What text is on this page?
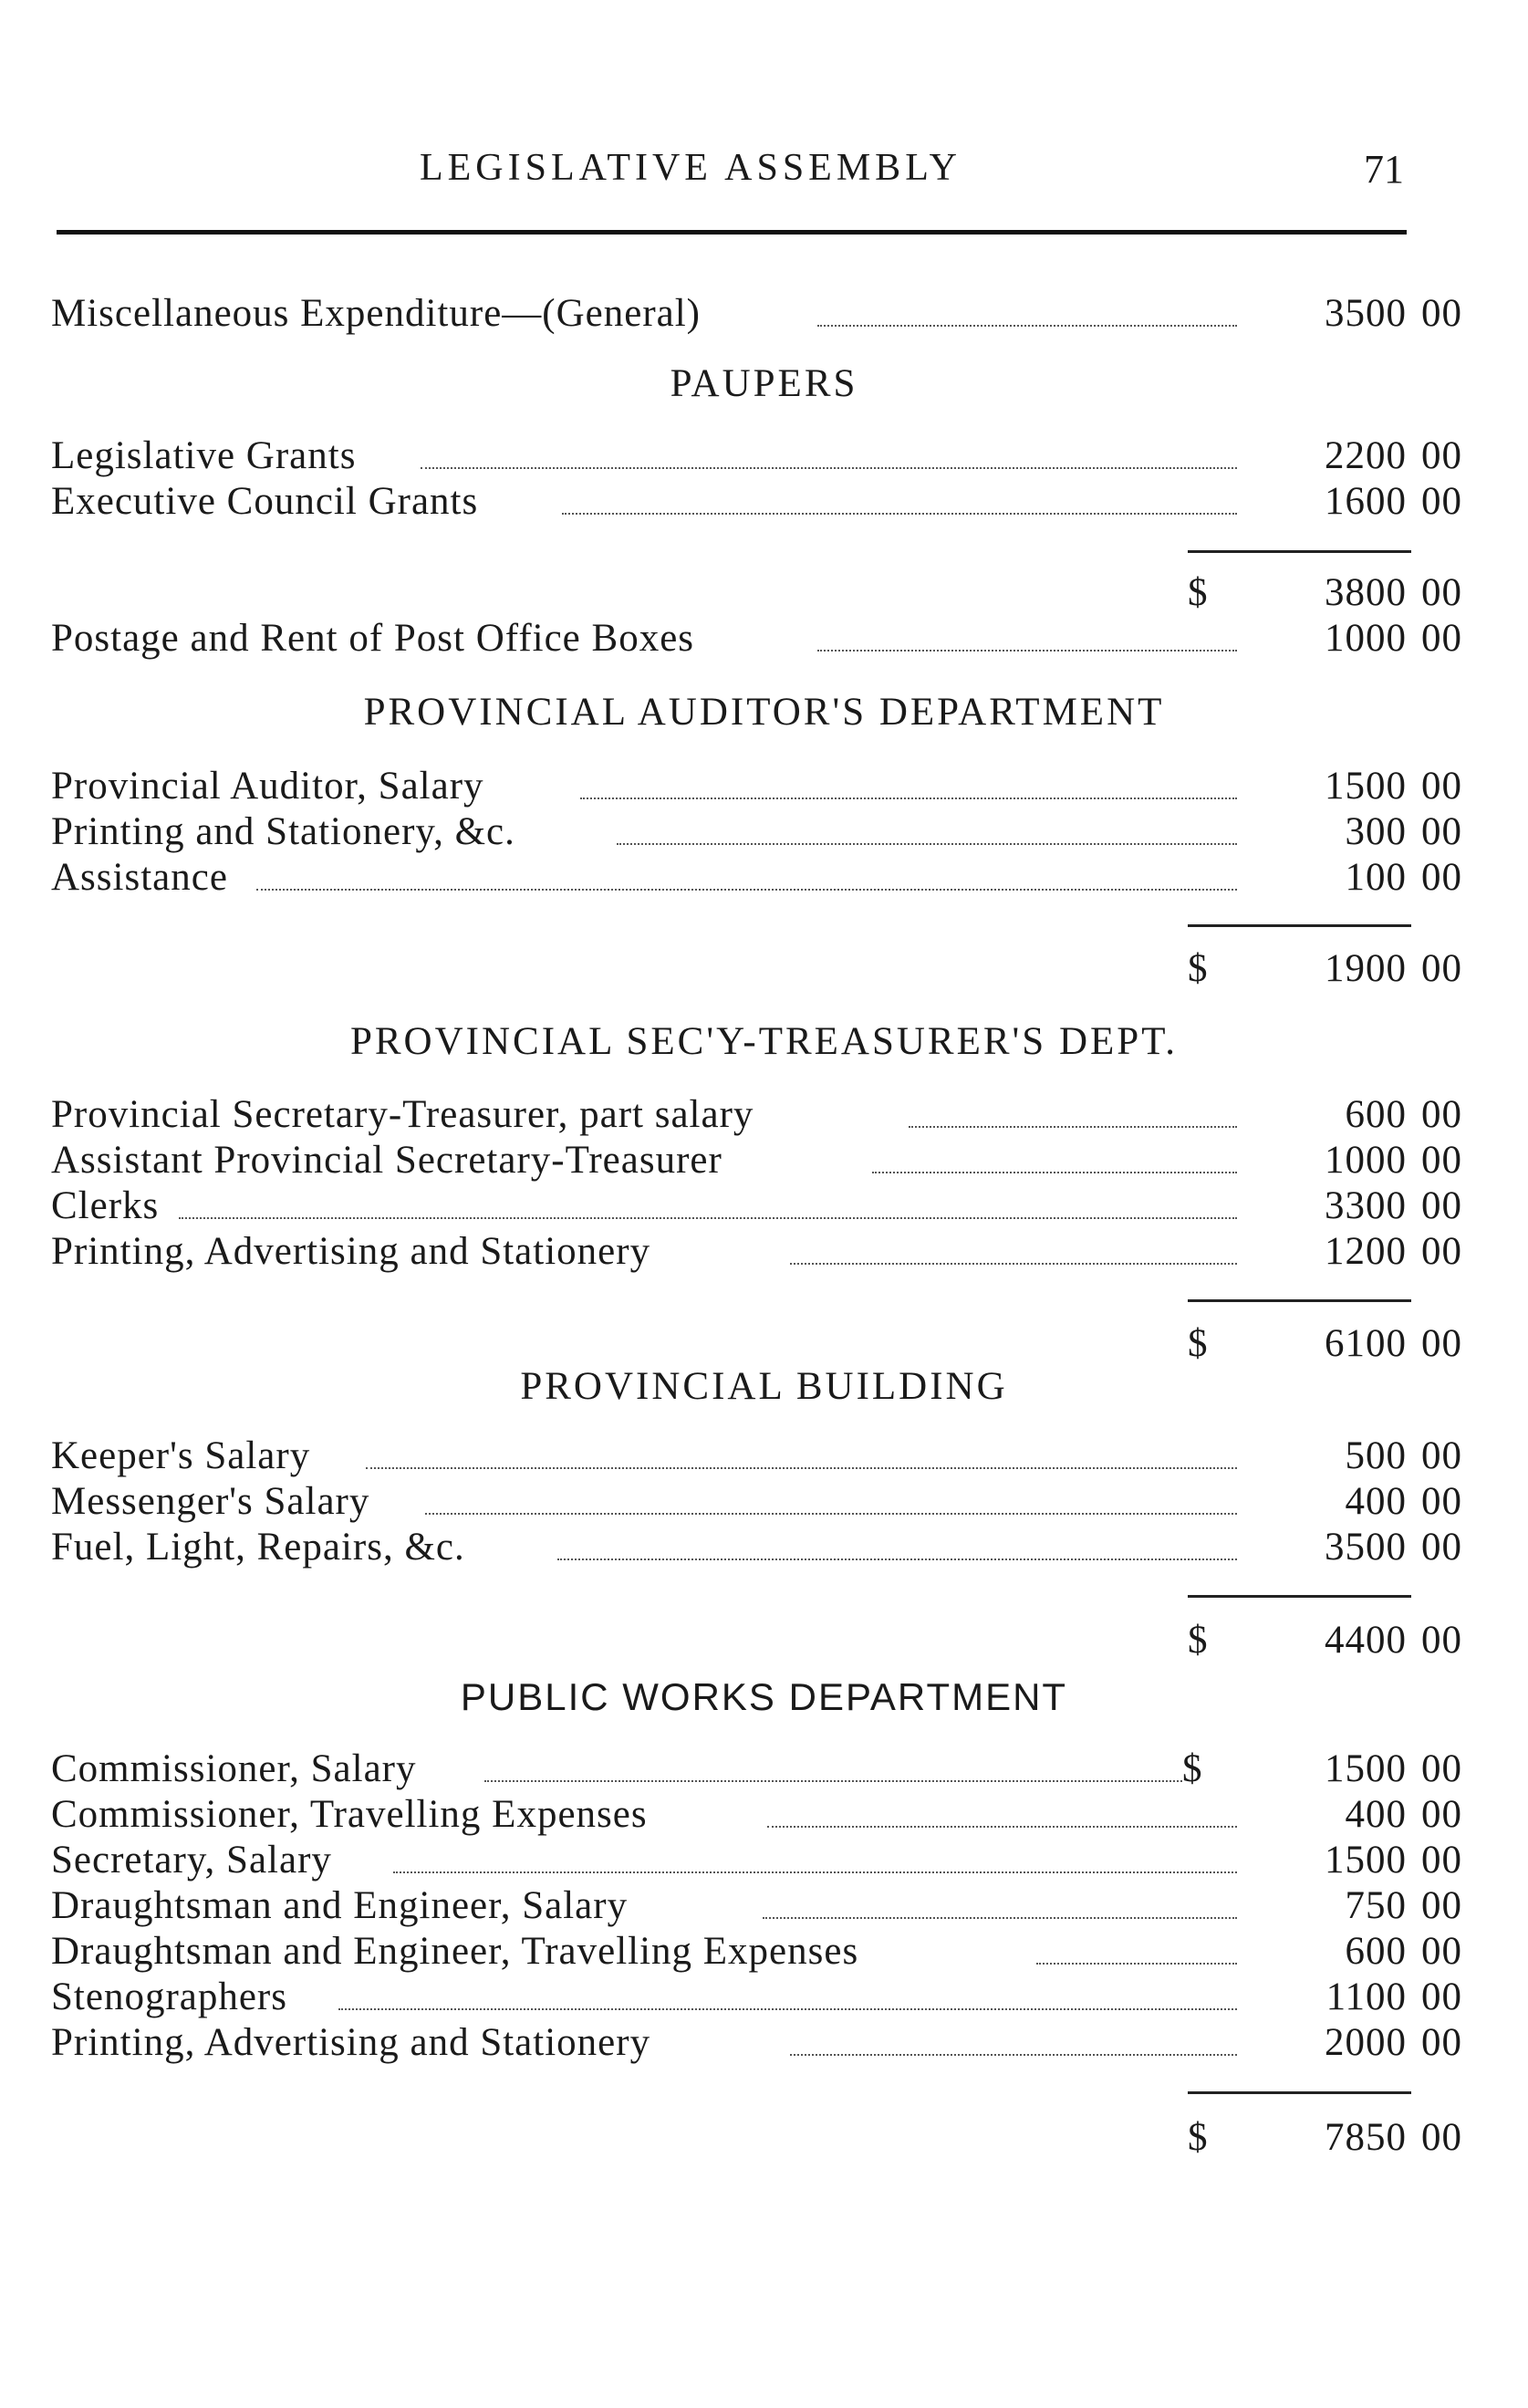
LEGISLATIVE ASSEMBLY	71
Miscellaneous Expenditure—(General)	3500 00
PAUPERS
Legislative Grants	2200 00
Executive Council Grants	1600 00
$	3800 00
Postage and Rent of Post Office Boxes	1000 00
PROVINCIAL AUDITOR'S DEPARTMENT
Provincial Auditor, Salary	1500 00
Printing and Stationery, &c.	300 00
Assistance	100 00
$	1900 00
PROVINCIAL SEC'Y-TREASURER'S DEPT.
Provincial Secretary-Treasurer, part salary	600 00
Assistant Provincial Secretary-Treasurer	1000 00
Clerks	3300 00
Printing, Advertising and Stationery	1200 00
$	6100 00
PROVINCIAL BUILDING
Keeper's Salary	500 00
Messenger's Salary	400 00
Fuel, Light, Repairs, &c.	3500 00
$	4400 00
PUBLIC WORKS DEPARTMENT
Commissioner, Salary	$	1500 00
Commissioner, Travelling Expenses	400 00
Secretary, Salary	1500 00
Draughtsman and Engineer, Salary	750 00
Draughtsman and Engineer, Travelling Expenses	600 00
Stenographers	1100 00
Printing, Advertising and Stationery	2000 00
$	7850 00
